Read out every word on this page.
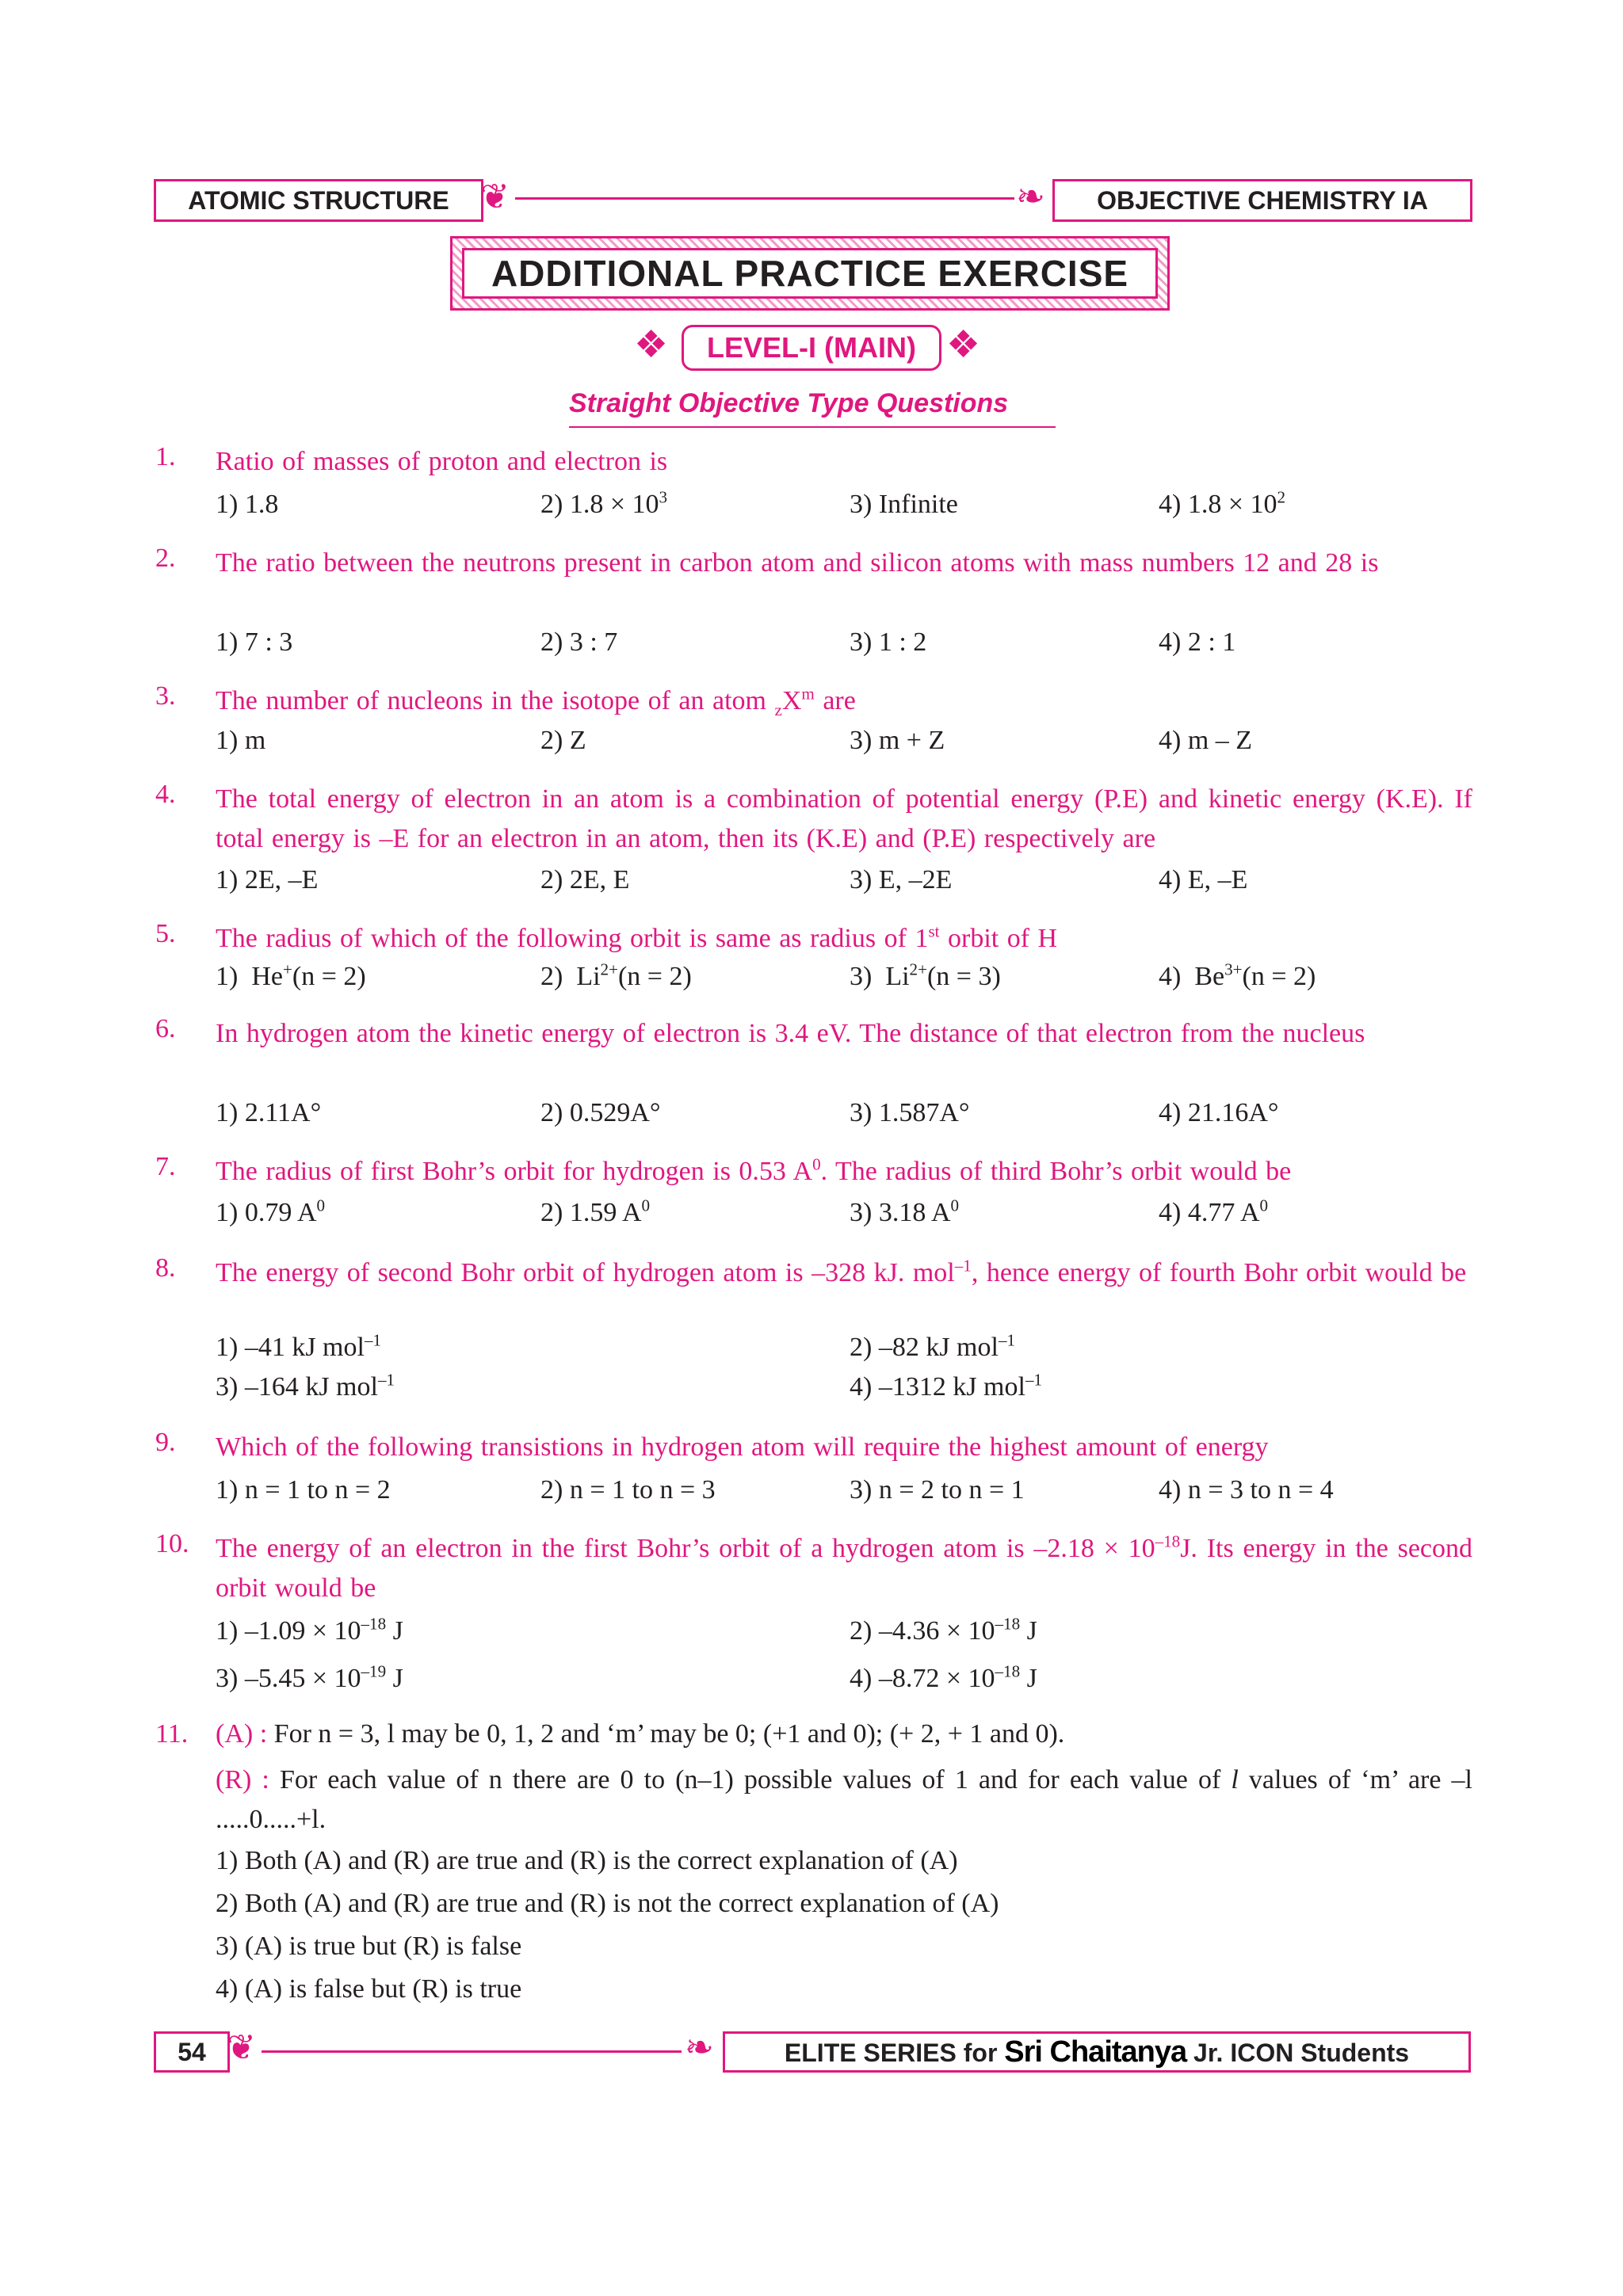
ATOMIC STRUCTURE ❦	❧	OBJECTIVE CHEMISTRY IA
ADDITIONAL PRACTICE EXERCISE
❖	LEVEL-I (MAIN) ❖
Straight Objective Type Questions
1. Ratio of masses of proton and electron is
1) 1.8	2) $1.8 \times 10^3$	3) Infinite	4) $1.8 \times 10^2$
2. The ratio between the neutrons present in carbon atom and silicon atoms with mass numbers 12 and 28 is
1) 7 : 3	2) 3 : 7	3) 1 : 2	4) 2 : 1
3. The number of nucleons in the isotope of an atom $_zX^m$ are
1) m	2) Z	3) m + Z	4) m – Z
4. The total energy of electron in an atom is a combination of potential energy (P.E) and kinetic energy (K.E). If total energy is –E for an electron in an atom, then its (K.E) and (P.E) respectively are
1) 2E, –E	2) 2E, E	3) E, –2E	4) E, –E
5. The radius of which of the following orbit is same as radius of 1st orbit of H
1) He+(n = 2)	2) $Li^{2+}(n = 2)$	3) $Li^{2+}(n = 3)$	4) $Be^{3+}(n = 2)$
6. In hydrogen atom the kinetic energy of electron is 3.4 eV. The distance of that electron from the nucleus
1) 2.11A°	2) 0.529A°	3) 1.587A°	4) 21.16A°
7. The radius of first Bohr’s orbit for hydrogen is 0.53 $A^0$. The radius of third Bohr’s orbit would be
1) 0.79 $A^0$	2) 1.59 $A^0$	3) 3.18 $A^0$	4) 4.77 $A^0$
8. The energy of second Bohr orbit of hydrogen atom is –328 kJ. mol$^{-1}$, hence energy of fourth Bohr orbit would be
1) –41 kJ mol$^{-1}$	2) –82 kJ mol$^{-1}$
3) –164 kJ mol$^{-1}$	4) –1312 kJ mol$^{-1}$
9. Which of the following transistions in hydrogen atom will require the highest amount of energy
1) n = 1 to n = 2	2) n = 1 to n = 3	3) n = 2 to n = 1	4) n = 3 to n = 4
10. The energy of an electron in the first Bohr’s orbit of a hydrogen atom is $-2.18 \times 10^{-18}J$. Its energy in the second orbit would be
1) $-1.09 \times 10^{-18}$ J	2) $-4.36 \times 10^{-18}$ J
3) $-5.45 \times 10^{-19}$ J	4) $-8.72 \times 10^{-18}$ J
11. (A) : For n = 3, l may be 0, 1, 2 and ‘m’ may be 0; (+1 and 0); (+ 2, + 1 and 0).
(R) : For each value of n there are 0 to (n–1) possible values of 1 and for each value of l values of ‘m’ are –l .....0.....+l.
1) Both (A) and (R) are true and (R) is the correct explanation of (A)
2) Both (A) and (R) are true and (R) is not the correct explanation of (A)
3) (A) is true but (R) is false
4) (A) is false but (R) is true
54 ❦	❧	ELITE SERIES for Sri Chaitanya Jr. ICON Students
